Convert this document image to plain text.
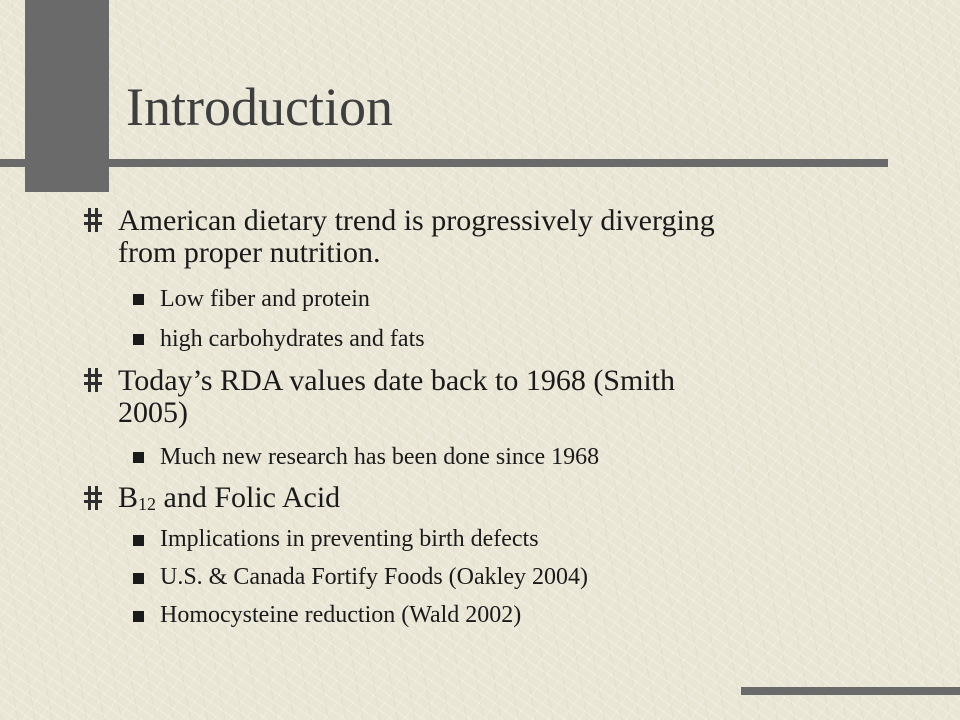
Introduction
American dietary trend is progressively diverging
from proper nutrition.
Low fiber and protein
high carbohydrates and fats
Today’s RDA values date back to 1968 (Smith
2005)
Much new research has been done since 1968
$B_{12}$ and Folic Acid
Implications in preventing birth defects
U.S. & Canada Fortify Foods (Oakley 2004)
Homocysteine reduction (Wald 2002)
